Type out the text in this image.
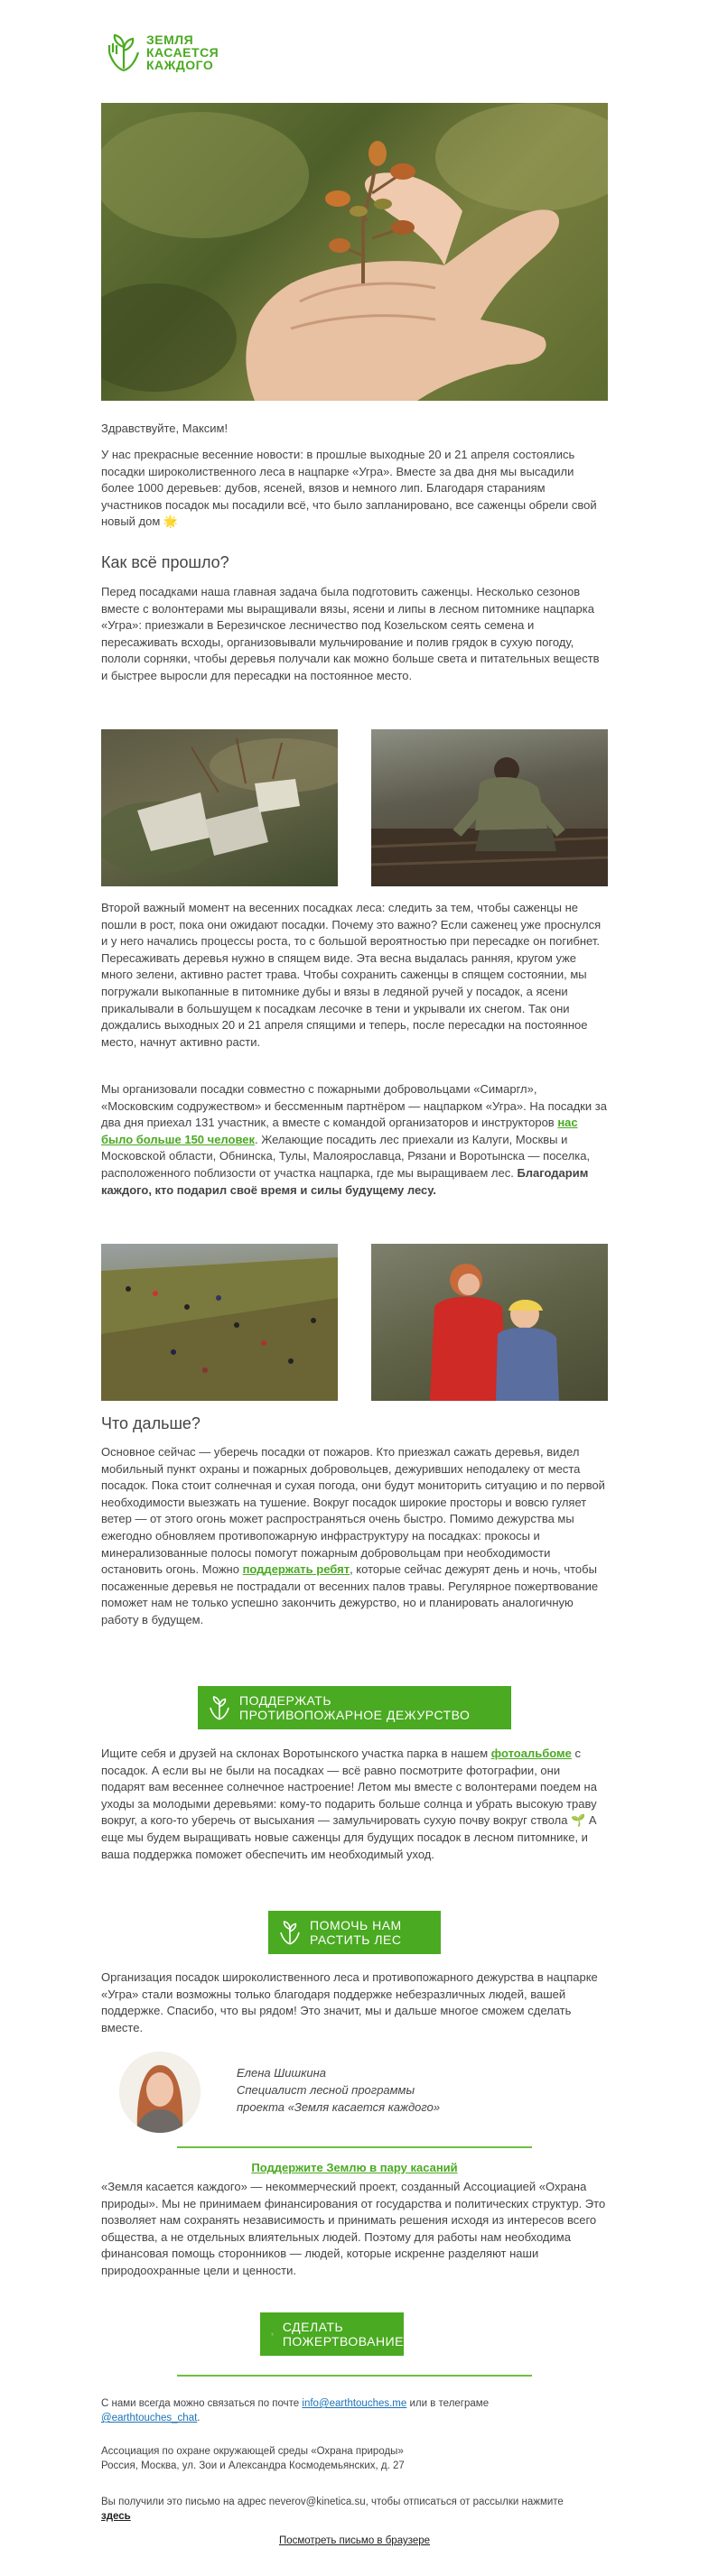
ЗЕМЛЯ
КАСАЕТСЯ
КАЖДОГО

Здравствуйте, Максим!

У нас прекрасные весенние новости: в прошлые выходные 20 и 21 апреля состоялись посадки широколиственного леса в нацпарке «Угра». Вместе за два дня мы высадили более 1000 деревьев: дубов, ясеней, вязов и немного лип. Благодаря стараниям участников посадок мы посадили всё, что было запланировано, все саженцы обрели свой новый дом 🌟

Как всё прошло?

Перед посадками наша главная задача была подготовить саженцы. Несколько сезонов вместе с волонтерами мы выращивали вязы, ясени и липы в лесном питомнике нацпарка «Угра»: приезжали в Березичское лесничество под Козельском сеять семена и пересаживать всходы, организовывали мульчирование и полив грядок в сухую погоду, пололи сорняки, чтобы деревья получали как можно больше света и питательных веществ и быстрее выросли для пересадки на постоянное место.

Второй важный момент на весенних посадках леса: следить за тем, чтобы саженцы не пошли в рост, пока они ожидают посадки. Почему это важно? Если саженец уже проснулся и у него начались процессы роста, то с большой вероятностью при пересадке он погибнет. Пересаживать деревья нужно в спящем виде. Эта весна выдалась ранняя, кругом уже много зелени, активно растет трава. Чтобы сохранить саженцы в спящем состоянии, мы погружали выкопанные в питомнике дубы и вязы в ледяной ручей у посадок, а ясени прикалывали в большущем к посадкам лесочке в тени и укрывали их снегом. Так они дождались выходных 20 и 21 апреля спящими и теперь, после пересадки на постоянное место, начнут активно расти.

Мы организовали посадки совместно с пожарными добровольцами «Симаргл», «Московским содружеством» и бессменным партнёром — нацпарком «Угра». На посадки за два дня приехал 131 участник, а вместе с командой организаторов и инструкторов нас было больше 150 человек. Желающие посадить лес приехали из Калуги, Москвы и Московской области, Обнинска, Тулы, Малоярославца, Рязани и Воротынска — поселка, расположенного поблизости от участка нацпарка, где мы выращиваем лес. Благодарим каждого, кто подарил своё время и силы будущему лесу.

Что дальше?

Основное сейчас — уберечь посадки от пожаров. Кто приезжал сажать деревья, видел мобильный пункт охраны и пожарных добровольцев, дежуривших неподалеку от места посадок. Пока стоит солнечная и сухая погода, они будут мониторить ситуацию и по первой необходимости выезжать на тушение. Вокруг посадок широкие просторы и вовсю гуляет ветер — от этого огонь может распространяться очень быстро. Помимо дежурства мы ежегодно обновляем противопожарную инфраструктуру на посадках: прокосы и минерализованные полосы помогут пожарным добровольцам при необходимости остановить огонь. Можно поддержать ребят, которые сейчас дежурят день и ночь, чтобы посаженные деревья не пострадали от весенних палов травы. Регулярное пожертвование поможет нам не только успешно закончить дежурство, но и планировать аналогичную работу в будущем.

ПОДДЕРЖАТЬ
ПРОТИВОПОЖАРНОЕ ДЕЖУРСТВО

Ищите себя и друзей на склонах Воротынского участка парка в нашем фотоальбоме с посадок. А если вы не были на посадках — всё равно посмотрите фотографии, они подарят вам весеннее солнечное настроение! Летом мы вместе с волонтерами поедем на уходы за молодыми деревьями: кому-то подарить больше солнца и убрать высокую траву вокруг, а кого-то уберечь от высыхания — замульчировать сухую почву вокруг ствола 🌱 А еще мы будем выращивать новые саженцы для будущих посадок в лесном питомнике, и ваша поддержка поможет обеспечить им необходимый уход.

ПОМОЧЬ НАМ
РАСТИТЬ ЛЕС

Организация посадок широколиственного леса и противопожарного дежурства в нацпарке «Угра» стали возможны только благодаря поддержке небезразличных людей, вашей поддержке. Спасибо, что вы рядом! Это значит, мы и дальше многое сможем сделать вместе.

Елена Шишкина
Специалист лесной программы
проекта «Земля касается каждого»
Поддержите Землю в пару касаний

«Земля касается каждого» — некоммерческий проект, созданный Ассоциацией «Охрана природы». Мы не принимаем финансирования от государства и политических структур. Это позволяет нам сохранять независимость и принимать решения исходя из интересов всего общества, а не отдельных влиятельных людей. Поэтому для работы нам необходима финансовая помощь сторонников — людей, которые искренне разделяют наши природоохранные цели и ценности.

СДЕЛАТЬ
ПОЖЕРТВОВАНИЕ

С нами всегда можно связаться по почте info@earthtouches.me или в телеграме
@earthtouches_chat.

Ассоциация по охране окружающей среды «Охрана природы»
Россия, Москва, ул. Зои и Александра Космодемьянских, д. 27

Вы получили это письмо на адрес neverov@kinetica.su, чтобы отписаться от рассылки нажмите
здесь

Посмотреть письмо в браузере
